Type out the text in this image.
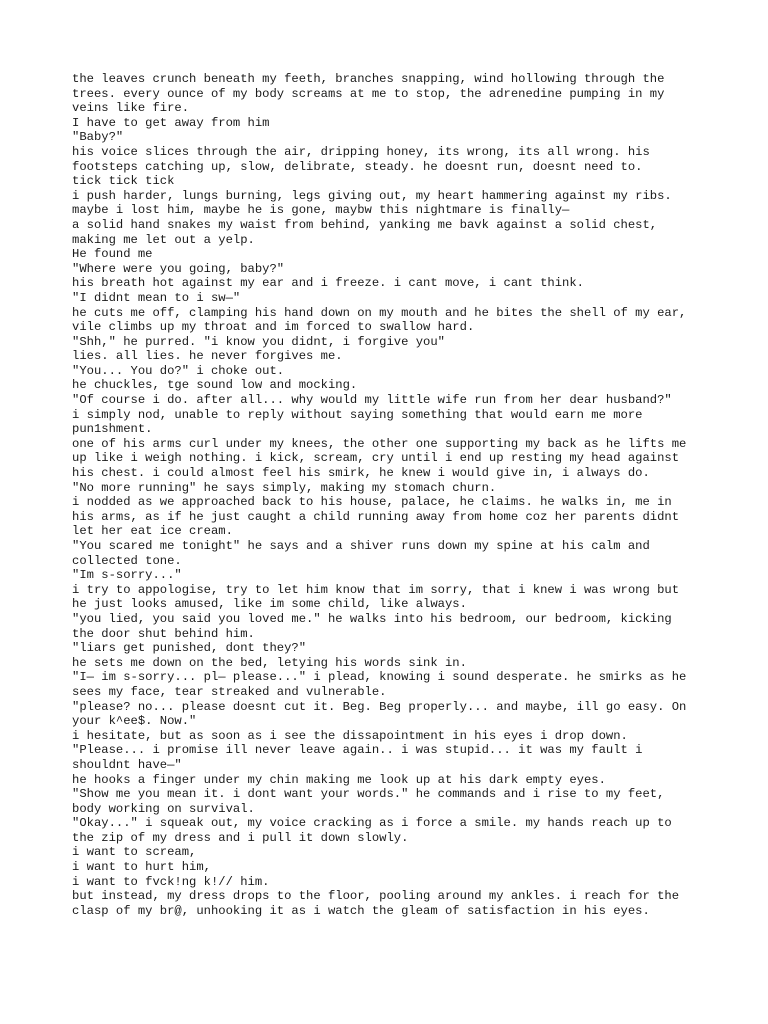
the leaves crunch beneath my feeth, branches snapping, wind hollowing through the trees. every ounce of my body screams at me to stop, the adrenedine pumping in my veins like fire.

I have to get away from him

"Baby?"

his voice slices through the air, dripping honey, its wrong, its all wrong. his footsteps catching up, slow, delibrate, steady. he doesnt run, doesnt need to.

tick tick tick

i push harder, lungs burning, legs giving out, my heart hammering against my ribs. maybe i lost him, maybe he is gone, maybw this nightmare is finally—

a solid hand snakes my waist from behind, yanking me bavk against a solid chest, making me let out a yelp.

He found me

"Where were you going, baby?"

his breath hot against my ear and i freeze. i cant move, i cant think.

"I didnt mean to i sw—"

he cuts me off, clamping his hand down on my mouth and he bites the shell of my ear, vile climbs up my throat and im forced to swallow hard.

"Shh," he purred. "i know you didnt, i forgive you"

lies. all lies. he never forgives me.

"You... You do?" i choke out.

he chuckles, tge sound low and mocking.

"Of course i do. after all... why would my little wife run from her dear husband?"

i simply nod, unable to reply without saying something that would earn me more pun1shment.

one of his arms curl under my knees, the other one supporting my back as he lifts me up like i weigh nothing. i kick, scream, cry until i end up resting my head against his chest. i could almost feel his smirk, he knew i would give in, i always do.

"No more running" he says simply, making my stomach churn.

i nodded as we approached back to his house, palace, he claims. he walks in, me in his arms, as if he just caught a child running away from home coz her parents didnt let her eat ice cream.

"You scared me tonight" he says and a shiver runs down my spine at his calm and collected tone.

"Im s-sorry..."

i try to appologise, try to let him know that im sorry, that i knew i was wrong but he just looks amused, like im some child, like always.

"you lied, you said you loved me." he walks into his bedroom, our bedroom, kicking the door shut behind him.

"liars get punished, dont they?"

he sets me down on the bed, letying his words sink in.

"I— im s-sorry... pl— please..." i plead, knowing i sound desperate. he smirks as he sees my face, tear streaked and vulnerable.

"please? no... please doesnt cut it. Beg. Beg properly... and maybe, ill go easy. On your k^ee$. Now."

i hesitate, but as soon as i see the dissapointment in his eyes i drop down.

"Please... i promise ill never leave again.. i was stupid... it was my fault i shouldnt have—"

he hooks a finger under my chin making me look up at his dark empty eyes.

"Show me you mean it. i dont want your words." he commands and i rise to my feet, body working on survival.

"Okay..." i squeak out, my voice cracking as i force a smile. my hands reach up to the zip of my dress and i pull it down slowly.

i want to scream,

i want to hurt him,

i want to fvck!ng k!// him.

but instead, my dress drops to the floor, pooling around my ankles. i reach for the clasp of my br@, unhooking it as i watch the gleam of satisfaction in his eyes.
